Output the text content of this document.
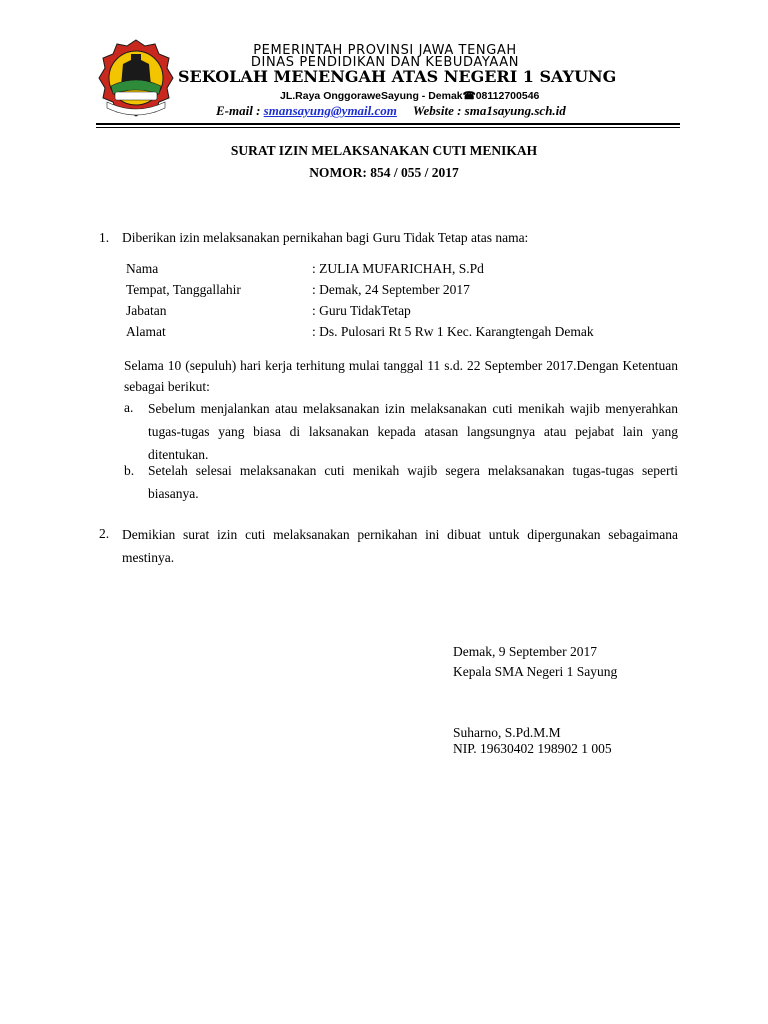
PEMERINTAH PROVINSI JAWA TENGAH
DINAS PENDIDIKAN DAN KEBUDAYAAN
SEKOLAH MENENGAH ATAS NEGERI 1 SAYUNG
JL.Raya OnggoraweSayung - Demak☎08112700546
E-mail : smansayung@ymail.com Website : sma1sayung.sch.id
SURAT IZIN MELAKSANAKAN CUTI MENIKAH
NOMOR: 854 / 055 / 2017
1. Diberikan izin melaksanakan pernikahan bagi Guru Tidak Tetap atas nama:
Nama	: ZULIA MUFARICHAH, S.Pd
Tempat, Tanggallahir	: Demak, 24 September 2017
Jabatan	: Guru TidakTetap
Alamat	: Ds. Pulosari Rt 5 Rw 1 Kec. Karangtengah Demak
Selama 10 (sepuluh) hari kerja terhitung mulai tanggal 11 s.d. 22 September 2017.Dengan Ketentuan sebagai berikut:
a. Sebelum menjalankan atau melaksanakan izin melaksanakan cuti menikah wajib menyerahkan tugas-tugas yang biasa di laksanakan kepada atasan langsungnya atau pejabat lain yang ditentukan.
b. Setelah selesai melaksanakan cuti menikah wajib segera melaksanakan tugas-tugas seperti biasanya.
2. Demikian surat izin cuti melaksanakan pernikahan ini dibuat untuk dipergunakan sebagaimana mestinya.
Demak, 9 September 2017
Kepala SMA Negeri 1 Sayung
Suharno, S.Pd.M.M
NIP. 19630402 198902 1 005
